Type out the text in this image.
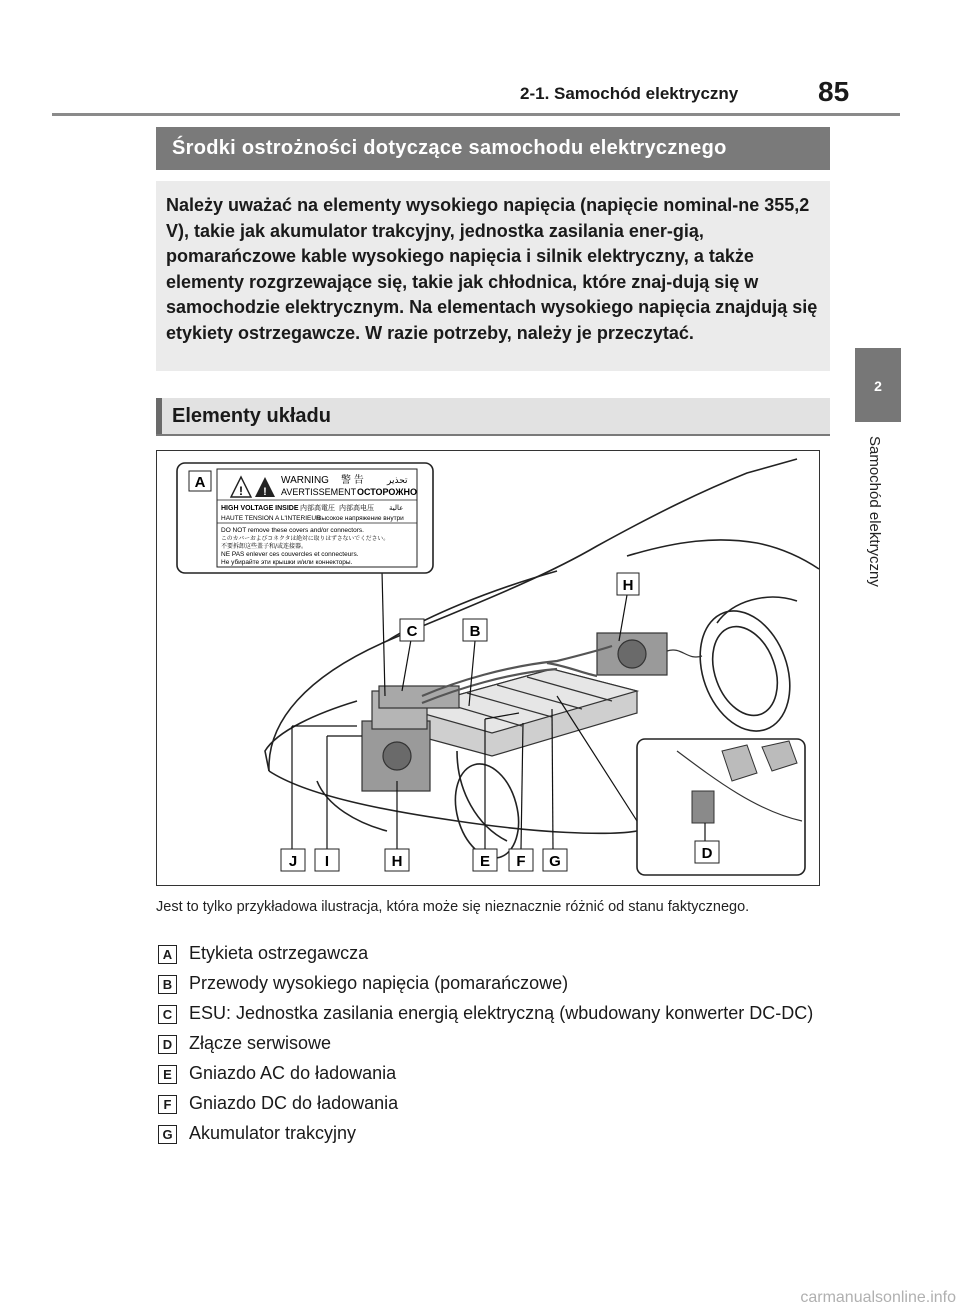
2-1. Samochód elektryczny	85
Środki ostrożności dotyczące samochodu elektrycznego

Należy uważać na elementy wysokiego napięcia (napięcie nominal-ne 355,2 V), takie jak akumulator trakcyjny, jednostka zasilania ener-gią, pomarańczowe kable wysokiego napięcia i silnik elektryczny, a także elementy rozgrzewające się, takie jak chłodnica, które znaj-dują się w samochodzie elektrycznym. Na elementach wysokiego napięcia znajdują się etykiety ostrzegawcze. W razie potrzeby, należy je przeczytać.

Elementy układu
2
Samochód elektryczny
! !
WARNING 警 告	تحذير
AVERTISSEMENT ОСТОРОЖНО
HIGH VOLTAGE INSIDE 内部高電圧 内部高电压 عالية
HAUTE TENSION A L'INTERIEUR
Высокое напряжение внутри
DO NOT remove these covers and/or connectors.
このカバーおよびコネクタは絶対に取りはずさないでください。
不要拆卸这些盖子和/或连接器。
NE PAS enlever ces couvercles et connecteurs.
Не убирайте эти крышки и/или коннекторы.
A
H
C	B
J I	H	E F G	D
Jest to tylko przykładowa ilustracja, która może się nieznacznie różnić od stanu faktycznego.
A Etykieta ostrzegawcza
B Przewody wysokiego napięcia (pomarańczowe)
C ESU: Jednostka zasilania energią elektryczną (wbudowany konwerter DC-DC)
D Złącze serwisowe
E Gniazdo AC do ładowania
F Gniazdo DC do ładowania
G Akumulator trakcyjny
carmanualsonline.info
